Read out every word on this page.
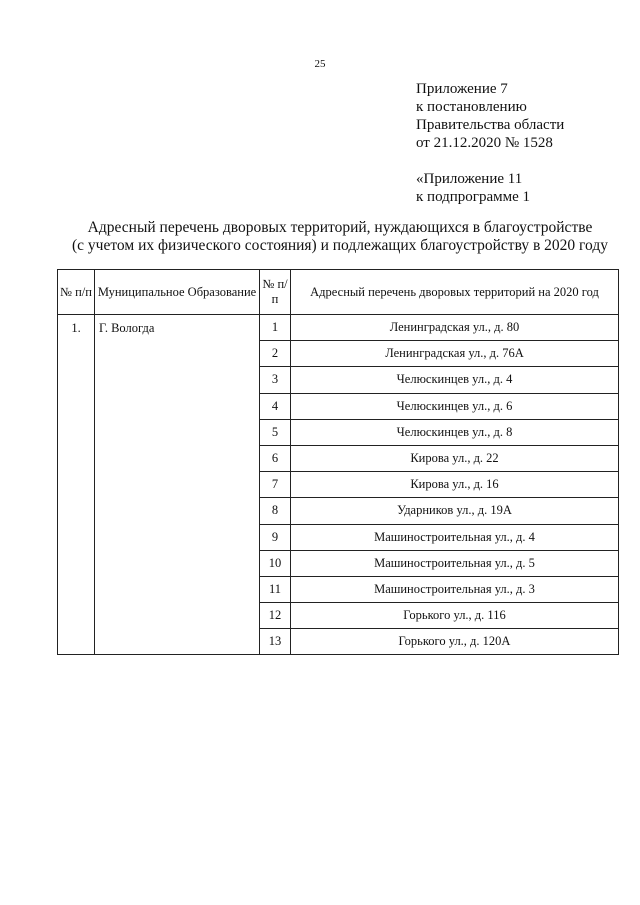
25
Приложение 7
к постановлению
Правительства области
от 21.12.2020 № 1528
«Приложение 11
к подпрограмме 1
Адресный перечень дворовых территорий, нуждающихся в благоустройстве
(с учетом их физического состояния) и подлежащих благоустройству в 2020 году
№ п/п	Муниципальное Образование	№ п/п	Адресный перечень дворовых территорий на 2020 год
1.	Г. Вологда	1	Ленинградская ул., д. 80
		2	Ленинградская ул., д. 76А
		3	Челюскинцев ул., д. 4
		4	Челюскинцев ул., д. 6
		5	Челюскинцев ул., д. 8
		6	Кирова ул., д. 22
		7	Кирова ул., д. 16
		8	Ударников ул., д. 19А
		9	Машиностроительная ул., д. 4
		10	Машиностроительная ул., д. 5
		11	Машиностроительная ул., д. 3
		12	Горького ул., д. 116
		13	Горького ул., д. 120А
